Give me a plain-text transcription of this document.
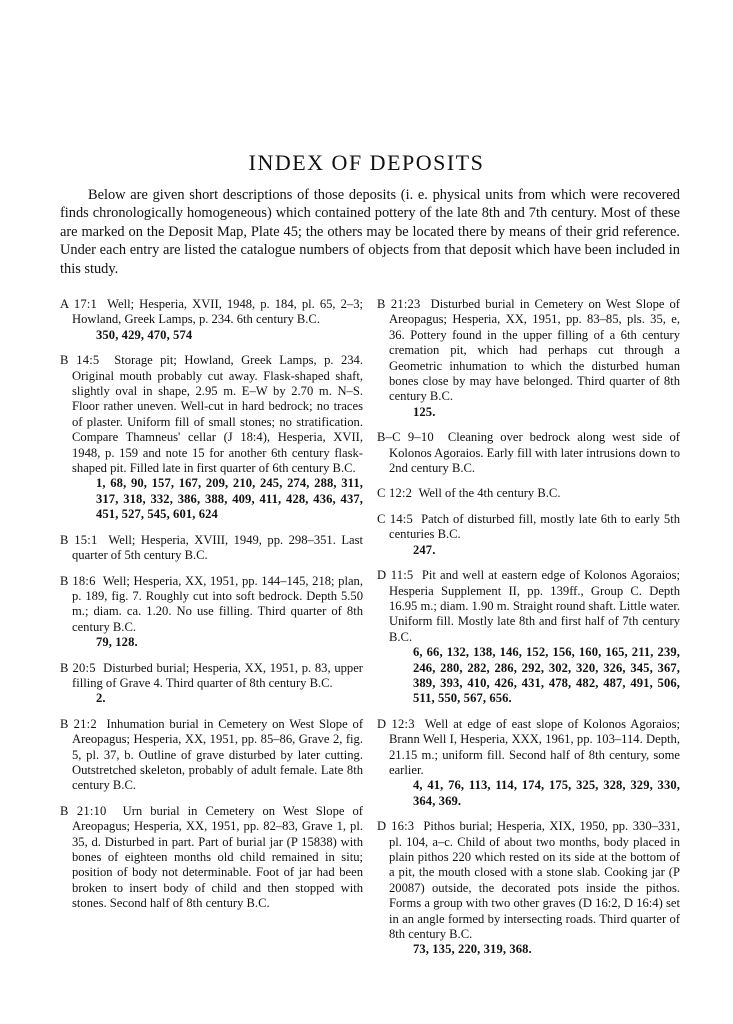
INDEX OF DEPOSITS

Below are given short descriptions of those deposits (i. e. physical units from which were recovered finds chronologically homogeneous) which contained pottery of the late 8th and 7th century. Most of these are marked on the Deposit Map, Plate 45; the others may be located there by means of their grid reference. Under each entry are listed the catalogue numbers of objects from that deposit which have been included in this study.

A 17:1 Well; Hesperia, XVII, 1948, p. 184, pl. 65, 2–3; Howland, Greek Lamps, p. 234. 6th century B.C.
350, 429, 470, 574

B 14:5 Storage pit; Howland, Greek Lamps, p. 234. Original mouth probably cut away. Flask-shaped shaft, slightly oval in shape, 2.95 m. E–W by 2.70 m. N–S. Floor rather uneven. Well-cut in hard bedrock; no traces of plaster. Uniform fill of small stones; no stratification. Compare Thamneus' cellar (J 18:4), Hesperia, XVII, 1948, p. 159 and note 15 for another 6th century flask-shaped pit. Filled late in first quarter of 6th century B.C.
1, 68, 90, 157, 167, 209, 210, 245, 274, 288, 311, 317, 318, 332, 386, 388, 409, 411, 428, 436, 437, 451, 527, 545, 601, 624

B 15:1 Well; Hesperia, XVIII, 1949, pp. 298–351. Last quarter of 5th century B.C.

B 18:6 Well; Hesperia, XX, 1951, pp. 144–145, 218; plan, p. 189, fig. 7. Roughly cut into soft bedrock. Depth 5.50 m.; diam. ca. 1.20. No use filling. Third quarter of 8th century B.C.
79, 128.

B 20:5 Disturbed burial; Hesperia, XX, 1951, p. 83, upper filling of Grave 4. Third quarter of 8th century B.C.
2.

B 21:2 Inhumation burial in Cemetery on West Slope of Areopagus; Hesperia, XX, 1951, pp. 85–86, Grave 2, fig. 5, pl. 37, b. Outline of grave disturbed by later cutting. Outstretched skeleton, probably of adult female. Late 8th century B.C.

B 21:10 Urn burial in Cemetery on West Slope of Areopagus; Hesperia, XX, 1951, pp. 82–83, Grave 1, pl. 35, d. Disturbed in part. Part of burial jar (P 15838) with bones of eighteen months old child remained in situ; position of body not determinable. Foot of jar had been broken to insert body of child and then stopped with stones. Second half of 8th century B.C.

B 21:23 Disturbed burial in Cemetery on West Slope of Areopagus; Hesperia, XX, 1951, pp. 83–85, pls. 35, e, 36. Pottery found in the upper filling of a 6th century cremation pit, which had perhaps cut through a Geometric inhumation to which the disturbed human bones close by may have belonged. Third quarter of 8th century B.C.
125.

B–C 9–10 Cleaning over bedrock along west side of Kolonos Agoraios. Early fill with later intrusions down to 2nd century B.C.

C 12:2 Well of the 4th century B.C.

C 14:5 Patch of disturbed fill, mostly late 6th to early 5th centuries B.C.
247.

D 11:5 Pit and well at eastern edge of Kolonos Agoraios; Hesperia Supplement II, pp. 139ff., Group C. Depth 16.95 m.; diam. 1.90 m. Straight round shaft. Little water. Uniform fill. Mostly late 8th and first half of 7th century B.C.
6, 66, 132, 138, 146, 152, 156, 160, 165, 211, 239, 246, 280, 282, 286, 292, 302, 320, 326, 345, 367, 389, 393, 410, 426, 431, 478, 482, 487, 491, 506, 511, 550, 567, 656.

D 12:3 Well at edge of east slope of Kolonos Agoraios; Brann Well I, Hesperia, XXX, 1961, pp. 103–114. Depth, 21.15 m.; uniform fill. Second half of 8th century, some earlier.
4, 41, 76, 113, 114, 174, 175, 325, 328, 329, 330, 364, 369.

D 16:3 Pithos burial; Hesperia, XIX, 1950, pp. 330–331, pl. 104, a–c. Child of about two months, body placed in plain pithos 220 which rested on its side at the bottom of a pit, the mouth closed with a stone slab. Cooking jar (P 20087) outside, the decorated pots inside the pithos. Forms a group with two other graves (D 16:2, D 16:4) set in an angle formed by intersecting roads. Third quarter of 8th century B.C.
73, 135, 220, 319, 368.
